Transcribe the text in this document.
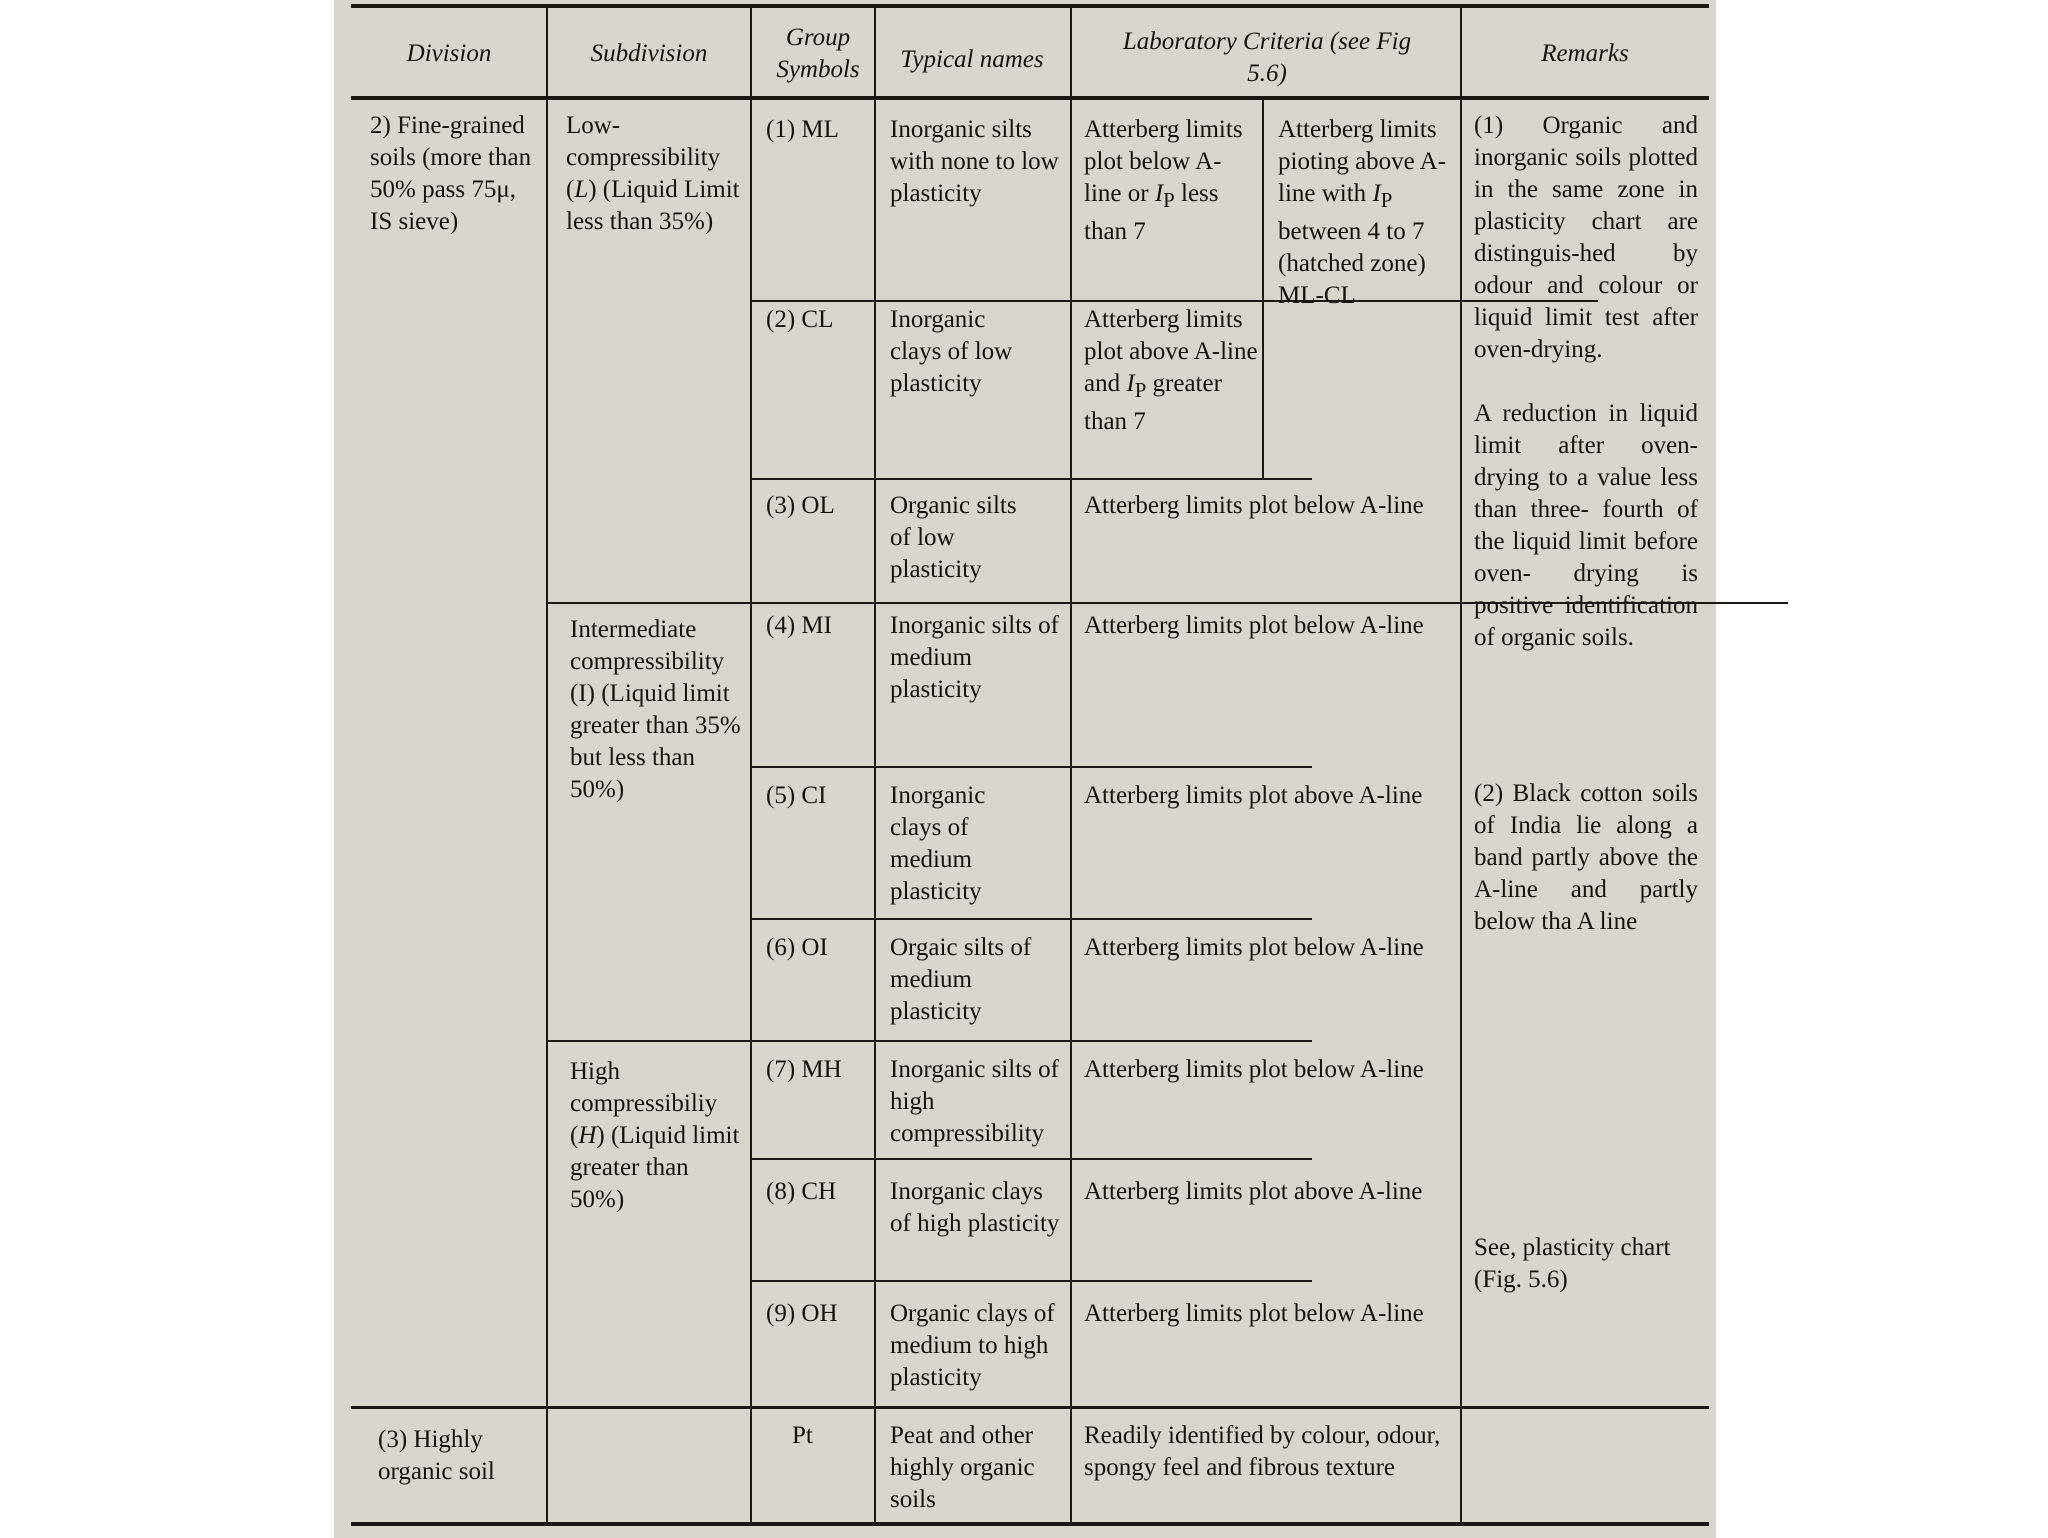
Division	Subdivision
Group Symbols	Typical names
Laboratory Criteria (see Fig 5.6)
Remarks
2) Fine-grained soils (more than 50% pass 75μ, IS sieve)
(3) Highly organic soil
Low-compressibility (L) (Liquid Limit less than 35%)
Intermediate compressibility (I) (Liquid limit greater than 35% but less than 50%)
High compressibiliy (H) (Liquid limit greater than 50%)
(1) ML
(2) CL
(3) OL
(4) MI
(5) CI
(6) OI
(7) MH
(8) CH
(9) OH
Pt
Inorganic silts with none to low plasticity
Inorganic clays of low plasticity
Organic silts of low plasticity
Inorganic silts of medium plasticity
Inorganic clays of medium plasticity
Orgaic silts of medium plasticity
Inorganic silts of high compressibility
Inorganic clays of high plasticity
Organic clays of medium to high plasticity
Peat and other highly organic soils
Atterberg limits plot below A-line or $I_P$ less than 7
Atterberg limits plot above A-line and $I_P$ greater than 7
Atterberg limits pioting above A-line with $I_P$ between 4 to 7 (hatched zone) ML-CL
Atterberg limits plot below A-line
Atterberg limits plot below A-line
Atterberg limits plot above A-line
Atterberg limits plot below A-line
Atterberg limits plot below A-line
Atterberg limits plot above A-line
Atterberg limits plot below A-line
Readily identified by colour, odour, spongy feel and fibrous texture
(1) Organic and inorganic soils plotted in the same zone in plasticity chart are distinguis-hed by odour and colour or liquid limit test after oven-drying.
A reduction in liquid limit after oven- drying to a value less than three- fourth of the liquid limit before oven- drying is positive identification of organic soils.
(2) Black cotton soils of India lie along a band partly above the A-line and partly below tha A line
See, plasticity chart (Fig. 5.6)
